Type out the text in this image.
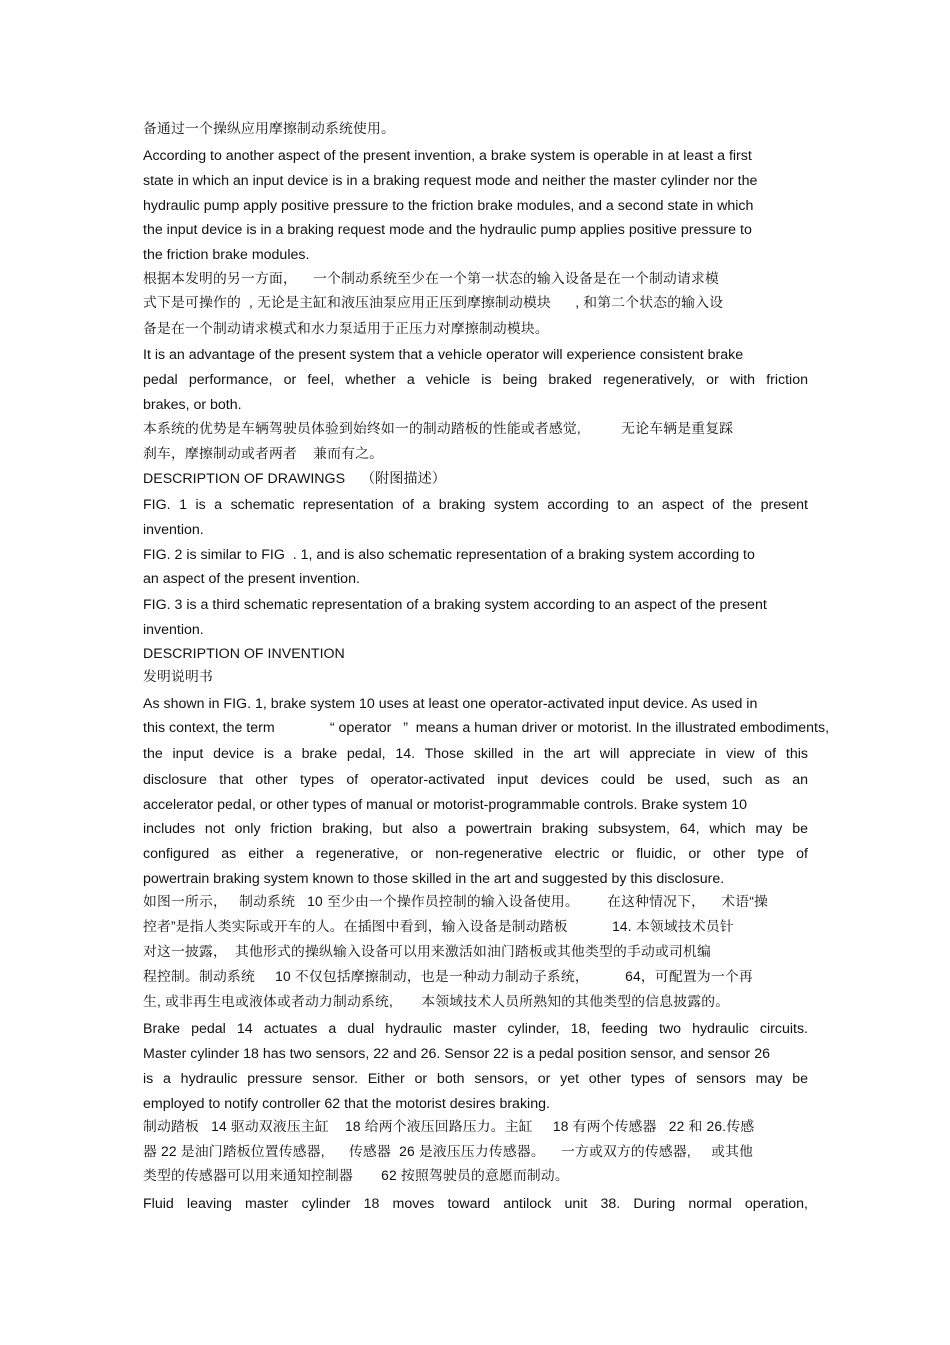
备通过一个操纵应用摩擦制动系统使用。

According to another aspect of the present invention, a brake system is operable in at least a first

state in which an input device is in a braking request mode and neither the master cylinder nor the

hydraulic pump apply positive pressure to the friction brake modules, and a second state in which

the input device is in a braking request mode and the hydraulic pump applies positive pressure to

the friction brake modules.

根据本发明的另一方面，    一个制动系统至少在一个第一状态的输入设备是在一个制动请求模

式下是可操作的  , 无论是主缸和液压油泵应用正压到摩擦制动模块      , 和第二个状态的输入设

备是在一个制动请求模式和水力泵适用于正压力对摩擦制动模块。

It is an advantage of the present system that a vehicle operator will experience consistent brake

pedal performance, or feel, whether a vehicle is being braked regeneratively, or with friction

brakes, or both.

本系统的优势是车辆驾驶员体验到始终如一的制动踏板的性能或者感觉,          无论车辆是重复踩

刹车，摩擦制动或者两者    兼而有之。

DESCRIPTION OF DRAWINGS    （附图描述）

FIG. 1 is a schematic representation of a braking system according to an aspect of the present

invention.

FIG. 2 is similar to FIG  . 1, and is also schematic representation of a braking system according to

an aspect of the present invention.

FIG. 3 is a third schematic representation of a braking system according to an aspect of the present

invention.

DESCRIPTION OF INVENTION

发明说明书

As shown in FIG. 1, brake system 10 uses at least one operator-activated input device. As used in

this context, the term              “ operator   ”  means a human driver or motorist. In the illustrated embodiments,

the input device is a brake pedal, 14. Those skilled in the art will appreciate in view of this

disclosure that other types of operator-activated input devices could be used, such as an

accelerator pedal, or other types of manual or motorist-programmable controls. Brake system 10

includes not only friction braking, but also a powertrain braking subsystem, 64, which may be

configured as either a regenerative, or non-regenerative electric or fluidic, or other type of

powertrain braking system known to those skilled in the art and suggested by this disclosure.

如图一所示，   制动系统   10 至少由一个操作员控制的输入设备使用。       在这种情况下，    术语“操

控者”是指人类实际或开车的人。在插图中看到，输入设备是制动踏板           14. 本领域技术员针

对这一披露，  其他形式的操纵输入设备可以用来激活如油门踏板或其他类型的手动或司机编

程控制。制动系统     10 不仅包括摩擦制动，也是一种动力制动子系统，         64，可配置为一个再

生, 或非再生电或液体或者动力制动系统,       本领域技术人员所熟知的其他类型的信息披露的。

Brake pedal 14 actuates a dual hydraulic master cylinder, 18, feeding two hydraulic circuits.

Master cylinder 18 has two sensors, 22 and 26. Sensor 22 is a pedal position sensor, and sensor 26

is a hydraulic pressure sensor. Either or both sensors, or yet other types of sensors may be

employed to notify controller 62 that the motorist desires braking.

制动踏板   14 驱动双液压主缸    18 给两个液压回路压力。主缸     18 有两个传感器   22 和 26.传感

器 22 是油门踏板位置传感器,      传感器  26 是液压压力传感器。    一方或双方的传感器,     或其他

类型的传感器可以用来通知控制器       62 按照驾驶员的意愿而制动。

Fluid leaving master cylinder 18 moves toward antilock unit 38. During normal operation,
